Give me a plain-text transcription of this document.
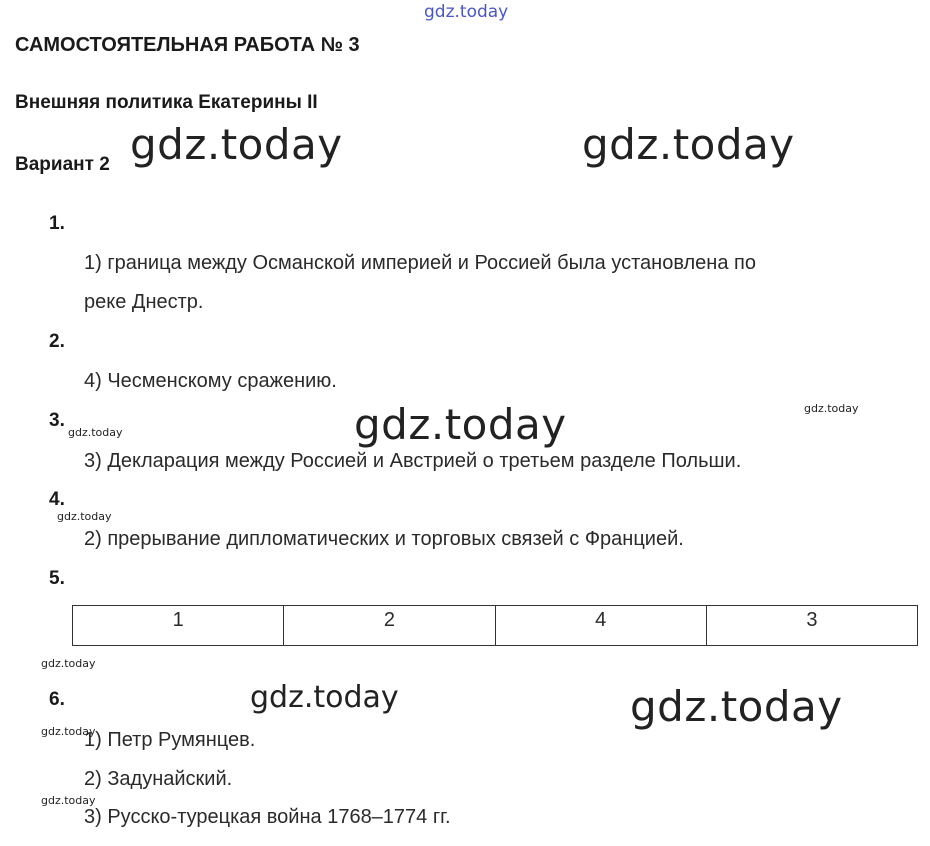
gdz.today
gdz.today	gdz.today
gdz.today
gdz.today
gdz.today
gdz.today
gdz.today
gdz.today
gdz.today
gdz.today
gdz.today
САМОСТОЯТЕЛЬНАЯ РАБОТА № 3
Внешняя политика Екатерины II
Вариант 2
1.
1) граница между Османской империей и Россией была установлена по
реке Днестр.
2.
4) Чесменскому сражению.
3.
3) Декларация между Россией и Австрией о третьем разделе Польши.
4.
2) прерывание дипломатических и торговых связей с Францией.
5.
1	2	4	3
6.
1) Петр Румянцев.
2) Задунайский.
3) Русско-турецкая война 1768–1774 гг.
